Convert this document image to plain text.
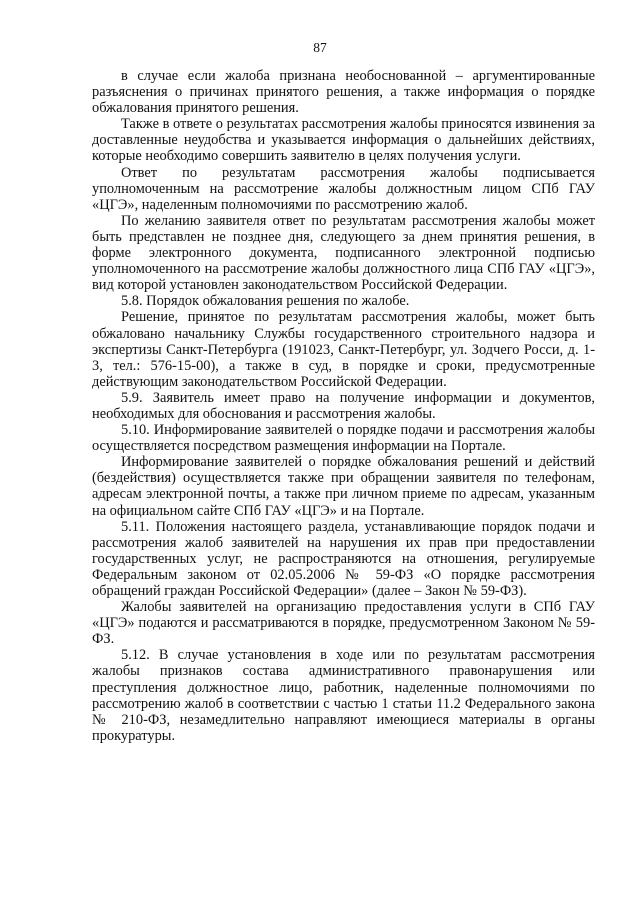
87

в случае если жалоба признана необоснованной – аргументированные разъяснения о причинах принятого решения, а также информация о порядке обжалования принятого решения.

Также в ответе о результатах рассмотрения жалобы приносятся извинения за доставленные неудобства и указывается информация о дальнейших действиях, которые необходимо совершить заявителю в целях получения услуги.

Ответ по результатам рассмотрения жалобы подписывается уполномоченным на рассмотрение жалобы должностным лицом СПб ГАУ «ЦГЭ», наделенным полномочиями по рассмотрению жалоб.

По желанию заявителя ответ по результатам рассмотрения жалобы может быть представлен не позднее дня, следующего за днем принятия решения, в форме электронного документа, подписанного электронной подписью уполномоченного на рассмотрение жалобы должностного лица СПб ГАУ «ЦГЭ», вид которой установлен законодательством Российской Федерации.

5.8. Порядок обжалования решения по жалобе.

Решение, принятое по результатам рассмотрения жалобы, может быть обжаловано начальнику Службы государственного строительного надзора и экспертизы Санкт-Петербурга (191023, Санкт-Петербург, ул. Зодчего Росси, д. 1-3, тел.: 576-15-00), а также в суд, в порядке и сроки, предусмотренные действующим законодательством Российской Федерации.

5.9. Заявитель имеет право на получение информации и документов, необходимых для обоснования и рассмотрения жалобы.

5.10. Информирование заявителей о порядке подачи и рассмотрения жалобы осуществляется посредством размещения информации на Портале.

Информирование заявителей о порядке обжалования решений и действий (бездействия) осуществляется также при обращении заявителя по телефонам, адресам электронной почты, а также при личном приеме по адресам, указанным на официальном сайте СПб ГАУ «ЦГЭ» и на Портале.

5.11. Положения настоящего раздела, устанавливающие порядок подачи и рассмотрения жалоб заявителей на нарушения их прав при предоставлении государственных услуг, не распространяются на отношения, регулируемые Федеральным законом от 02.05.2006 № 59-ФЗ «О порядке рассмотрения обращений граждан Российской Федерации» (далее – Закон № 59-ФЗ).

Жалобы заявителей на организацию предоставления услуги в СПб ГАУ «ЦГЭ» подаются и рассматриваются в порядке, предусмотренном Законом № 59-ФЗ.

5.12. В случае установления в ходе или по результатам рассмотрения жалобы признаков состава административного правонарушения или преступления должностное лицо, работник, наделенные полномочиями по рассмотрению жалоб в соответствии с частью 1 статьи 11.2 Федерального закона № 210-ФЗ, незамедлительно направляют имеющиеся материалы в органы прокуратуры.
